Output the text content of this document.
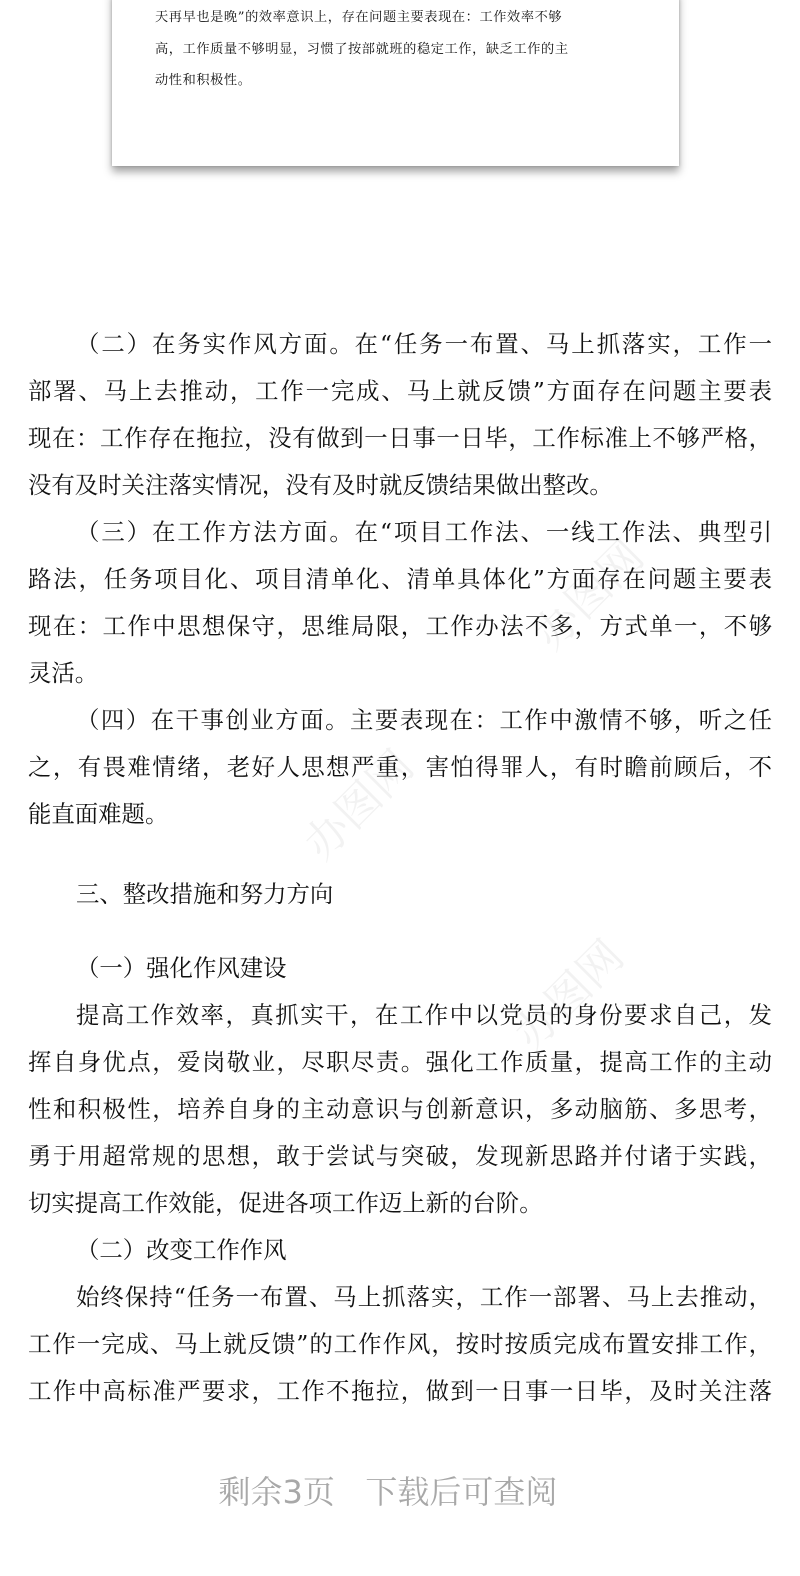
天再早也是晚”的效率意识上，存在问题主要表现在：工作效率不够
高，工作质量不够明显，习惯了按部就班的稳定工作，缺乏工作的主
动性和积极性。
办图网
办图网
办图网
（二）在务实作风方面。在“任务一布置、马上抓落实，工作一
部署、马上去推动，工作一完成、马上就反馈”方面存在问题主要表
现在：工作存在拖拉，没有做到一日事一日毕，工作标准上不够严格，
没有及时关注落实情况，没有及时就反馈结果做出整改。
（三）在工作方法方面。在“项目工作法、一线工作法、典型引
路法，任务项目化、项目清单化、清单具体化”方面存在问题主要表
现在：工作中思想保守，思维局限，工作办法不多，方式单一，不够
灵活。
（四）在干事创业方面。主要表现在：工作中激情不够，听之任
之，有畏难情绪，老好人思想严重，害怕得罪人，有时瞻前顾后，不
能直面难题。
三、整改措施和努力方向
（一）强化作风建设
提高工作效率，真抓实干，在工作中以党员的身份要求自己，发
挥自身优点，爱岗敬业，尽职尽责。强化工作质量，提高工作的主动
性和积极性，培养自身的主动意识与创新意识，多动脑筋、多思考，
勇于用超常规的思想，敢于尝试与突破，发现新思路并付诸于实践，
切实提高工作效能，促进各项工作迈上新的台阶。
（二）改变工作作风
始终保持“任务一布置、马上抓落实，工作一部署、马上去推动，
工作一完成、马上就反馈”的工作作风，按时按质完成布置安排工作，
工作中高标准严要求，工作不拖拉，做到一日事一日毕，及时关注落
剩余3页   下载后可查阅
